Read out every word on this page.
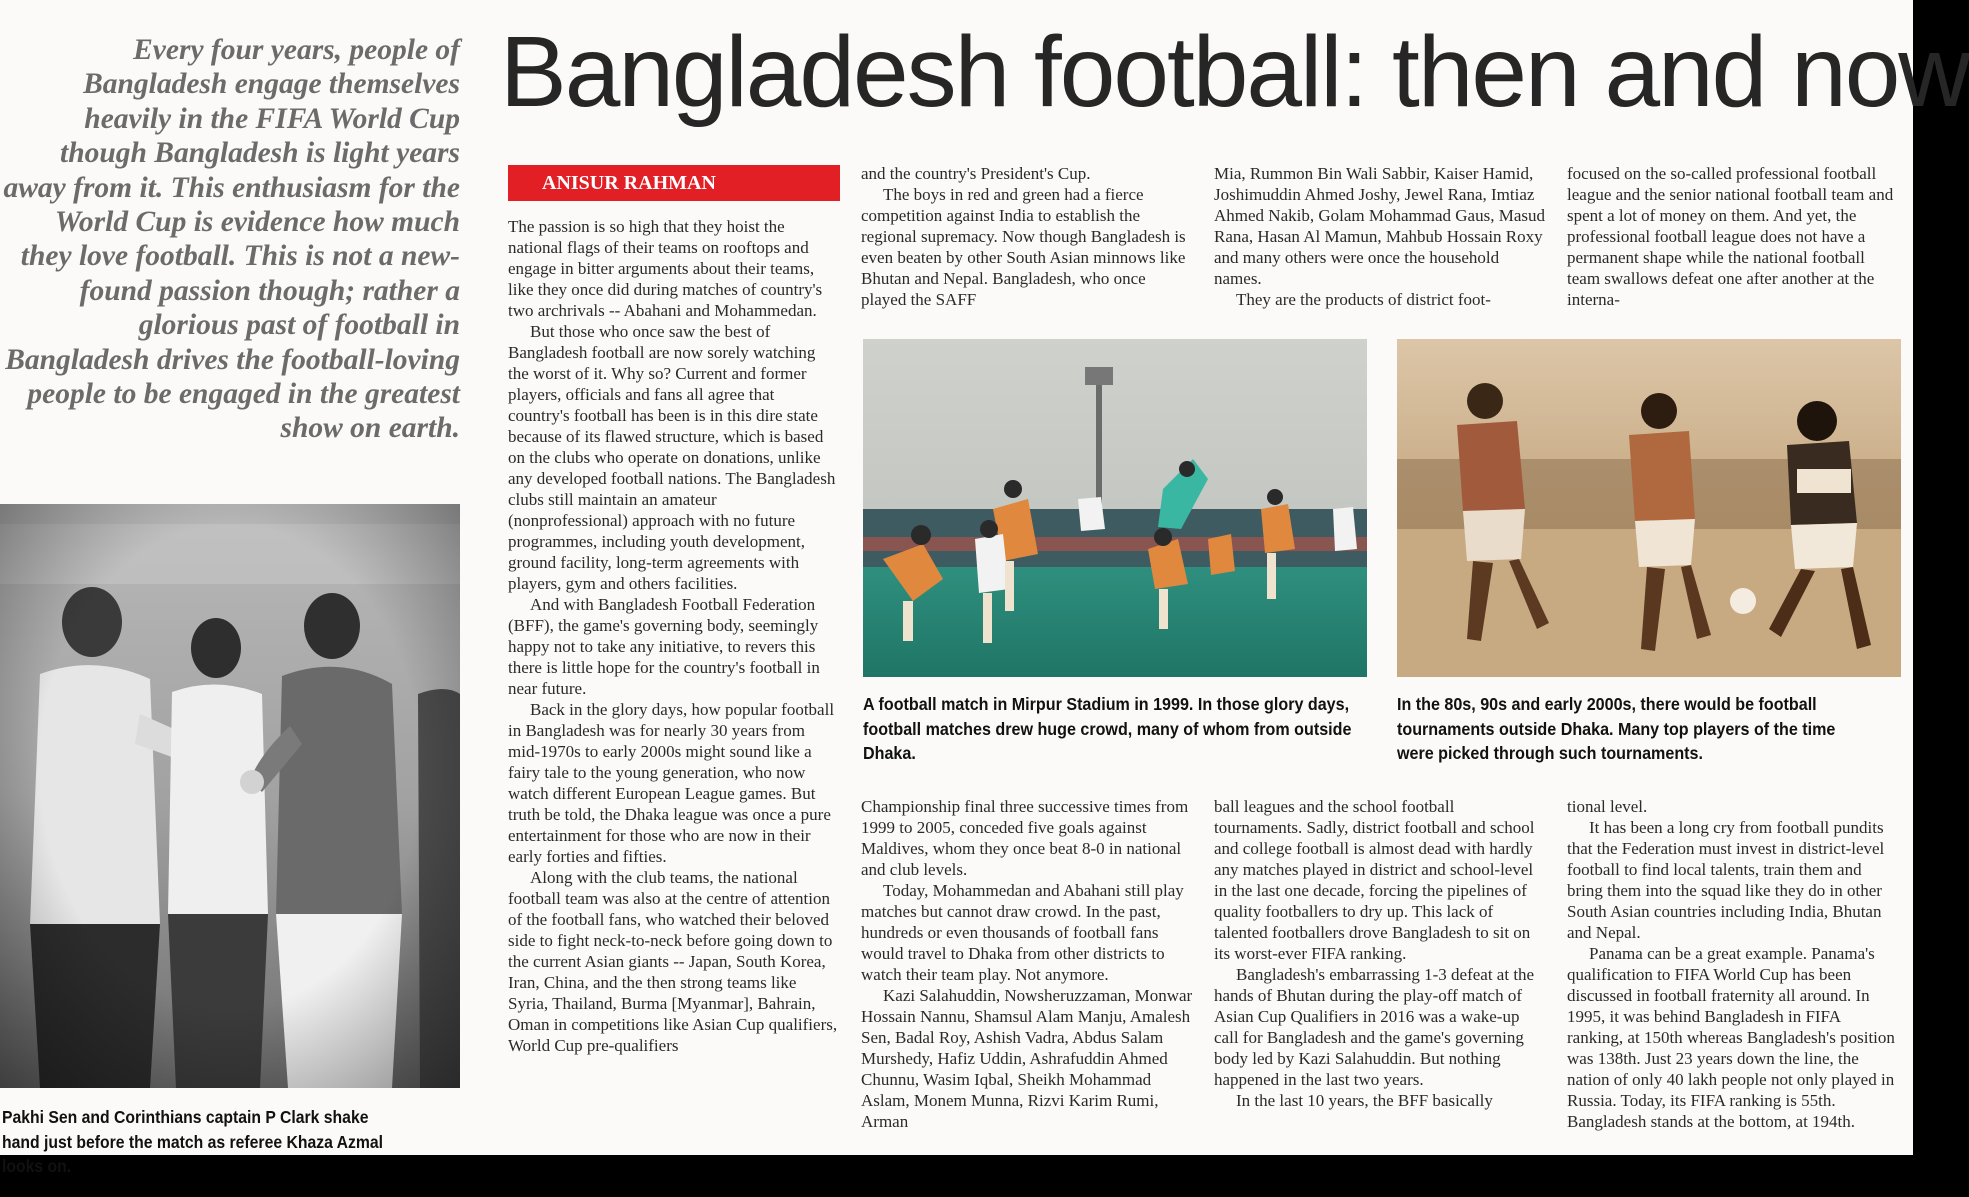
Every four years, people of Bangladesh engage themselves heavily in the FIFA World Cup though Bangladesh is light years away from it. This enthusiasm for the World Cup is evidence how much they love football. This is not a new-found passion though; rather a glorious past of football in Bangladesh drives the football-loving people to be engaged in the greatest show on earth.
Bangladesh football: then and now
ANISUR RAHMAN

The passion is so high that they hoist the national flags of their teams on rooftops and engage in bitter arguments about their teams, like they once did during matches of country's two archrivals -- Abahani and Mohammedan.

But those who once saw the best of Bangladesh football are now sorely watching the worst of it. Why so? Current and former players, officials and fans all agree that country's football has been is in this dire state because of its flawed structure, which is based on the clubs who operate on donations, unlike any developed football nations. The Bangladesh clubs still maintain an amateur (nonprofessional) approach with no future programmes, including youth development, ground facility, long-term agreements with players, gym and others facilities.

And with Bangladesh Football Federation (BFF), the game's governing body, seemingly happy not to take any initiative, to revers this there is little hope for the country's football in near future.

Back in the glory days, how popular football in Bangladesh was for nearly 30 years from mid-1970s to early 2000s might sound like a fairy tale to the young generation, who now watch different European League games. But truth be told, the Dhaka league was once a pure entertainment for those who are now in their early forties and fifties.

Along with the club teams, the national football team was also at the centre of attention of the football fans, who watched their beloved side to fight neck-to-neck before going down to the current Asian giants -- Japan, South Korea, Iran, China, and the then strong teams like Syria, Thailand, Burma [Myanmar], Bahrain, Oman in competitions like Asian Cup qualifiers, World Cup pre-qualifiers

and the country's President's Cup.

The boys in red and green had a fierce competition against India to establish the regional supremacy. Now though Bangladesh is even beaten by other South Asian minnows like Bhutan and Nepal. Bangladesh, who once played the SAFF

Mia, Rummon Bin Wali Sabbir, Kaiser Hamid, Joshimuddin Ahmed Joshy, Jewel Rana, Imtiaz Ahmed Nakib, Golam Mohammad Gaus, Masud Rana, Hasan Al Mamun, Mahbub Hossain Roxy and many others were once the household names.

They are the products of district foot-

focused on the so-called professional football league and the senior national football team and spent a lot of money on them. And yet, the professional football league does not have a permanent shape while the national football team swallows defeat one after another at the interna-

Championship final three successive times from 1999 to 2005, conceded five goals against Maldives, whom they once beat 8-0 in national and club levels.

Today, Mohammedan and Abahani still play matches but cannot draw crowd. In the past, hundreds or even thousands of football fans would travel to Dhaka from other districts to watch their team play. Not anymore.

Kazi Salahuddin, Nowsheruzzaman, Monwar Hossain Nannu, Shamsul Alam Manju, Amalesh Sen, Badal Roy, Ashish Vadra, Abdus Salam Murshedy, Hafiz Uddin, Ashrafuddin Ahmed Chunnu, Wasim Iqbal, Sheikh Mohammad Aslam, Monem Munna, Rizvi Karim Rumi, Arman

ball leagues and the school football tournaments. Sadly, district football and school and college football is almost dead with hardly any matches played in district and school-level in the last one decade, forcing the pipelines of quality footballers to dry up. This lack of talented footballers drove Bangladesh to sit on its worst-ever FIFA ranking.

Bangladesh's embarrassing 1-3 defeat at the hands of Bhutan during the play-off match of Asian Cup Qualifiers in 2016 was a wake-up call for Bangladesh and the game's governing body led by Kazi Salahuddin. But nothing happened in the last two years.

In the last 10 years, the BFF basically

tional level.

It has been a long cry from football pundits that the Federation must invest in district-level football to find local talents, train them and bring them into the squad like they do in other South Asian countries including India, Bhutan and Nepal.

Panama can be a great example. Panama's qualification to FIFA World Cup has been discussed in football fraternity all around. In 1995, it was behind Bangladesh in FIFA ranking, at 150th whereas Bangladesh's position was 138th. Just 23 years down the line, the nation of only 40 lakh people not only played in Russia. Today, its FIFA ranking is 55th. Bangladesh stands at the bottom, at 194th.

Pakhi Sen and Corinthians captain P Clark shake hand just before the match as referee Khaza Azmal looks on.
A football match in Mirpur Stadium in 1999. In those glory days, football matches drew huge crowd, many of whom from outside Dhaka.
In the 80s, 90s and early 2000s, there would be football tournaments outside Dhaka. Many top players of the time were picked through such tournaments.
